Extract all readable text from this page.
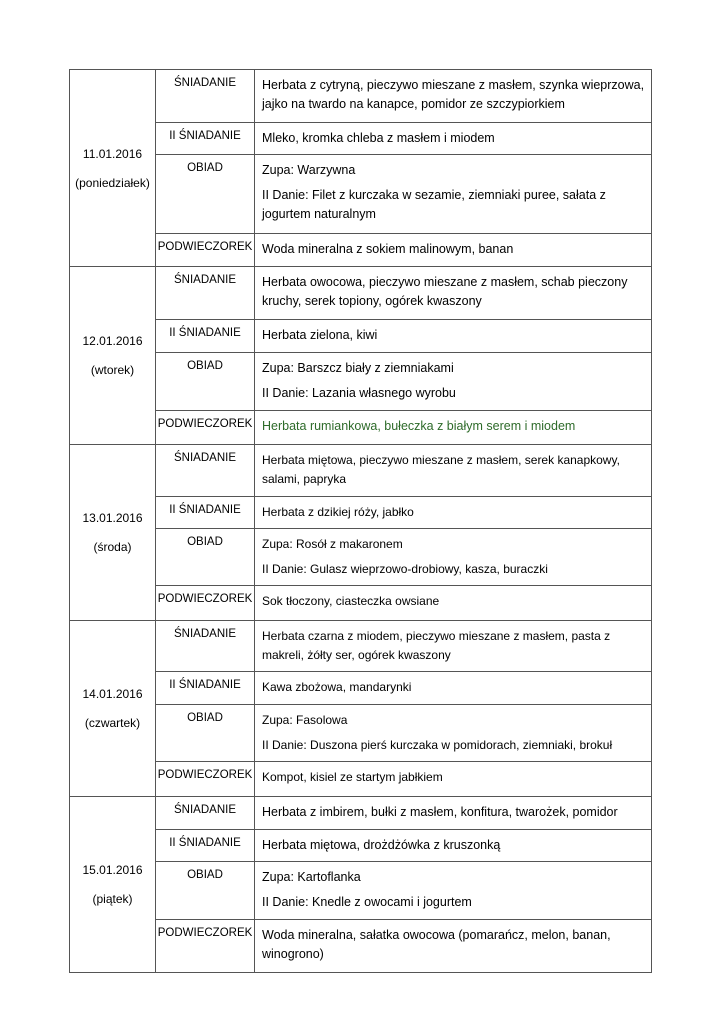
11.01.2016
(poniedziałek)	ŚNIADANIE	Herbata z cytryną, pieczywo mieszane z masłem, szynka wieprzowa, jajko na twardo na kanapce, pomidor ze szczypiorkiem
	II ŚNIADANIE	Mleko, kromka chleba z masłem i miodem
	OBIAD	Zupa: Warzywna
II Danie: Filet z kurczaka w sezamie, ziemniaki puree, sałata z jogurtem naturalnym

	PODWIECZOREK	Woda mineralna z sokiem malinowym, banan

12.01.2016
(wtorek)	ŚNIADANIE	Herbata owocowa, pieczywo mieszane z masłem, schab pieczony kruchy, serek topiony, ogórek kwaszony
	II ŚNIADANIE	Herbata zielona, kiwi
	OBIAD	Zupa: Barszcz biały z ziemniakami
II Danie: Lazania własnego wyrobu

	PODWIECZOREK	Herbata rumiankowa, bułeczka z białym serem i miodem

13.01.2016
(środa)	ŚNIADANIE	Herbata miętowa, pieczywo mieszane z masłem, serek kanapkowy, salami, papryka
	II ŚNIADANIE	Herbata z dzikiej róży, jabłko
	OBIAD	Zupa: Rosół z makaronem
II Danie: Gulasz wieprzowo-drobiowy, kasza, buraczki

	PODWIECZOREK	Sok tłoczony, ciasteczka owsiane

14.01.2016
(czwartek)	ŚNIADANIE	Herbata czarna z miodem, pieczywo mieszane z masłem, pasta z makreli, żółty ser, ogórek kwaszony
	II ŚNIADANIE	Kawa zbożowa, mandarynki
	OBIAD	Zupa: Fasolowa
II Danie: Duszona pierś kurczaka w pomidorach, ziemniaki, brokuł

	PODWIECZOREK	Kompot, kisiel ze startym jabłkiem

15.01.2016
(piątek)	ŚNIADANIE	Herbata z imbirem, bułki z masłem, konfitura, twarożek, pomidor
	II ŚNIADANIE	Herbata miętowa, drożdżówka z kruszonką
	OBIAD	Zupa: Kartoflanka
II Danie: Knedle z owocami i jogurtem

	PODWIECZOREK	Woda mineralna, sałatka owocowa (pomarańcz, melon, banan, winogrono)
